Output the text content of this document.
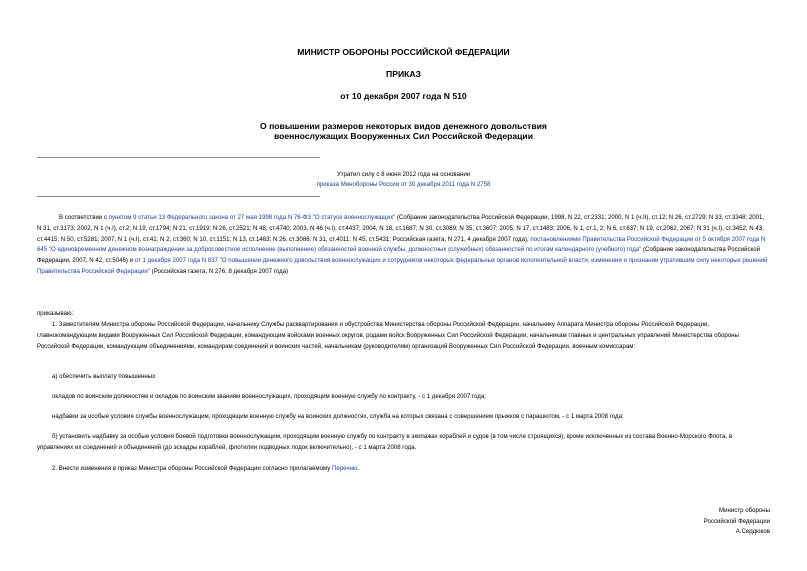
МИНИСТР ОБОРОНЫ РОССИЙСКОЙ ФЕДЕРАЦИИ
ПРИКАЗ
от 10 декабря 2007 года N 510
О повышении размеров некоторых видов денежного довольствия
военнослужащих Вооруженных Сил Российской Федерации
Утратил силу с 8 июня 2012 года на основании
приказа Минобороны России от 30 декабря 2011 года N 2758
В соответствии с пунктом 9 статьи 13 Федерального закона от 27 мая 1998 года N 76-ФЗ "О статусе военнослужащих" (Собрание законодательства Российской Федерации, 1998, N 22, ст.2331; 2000, N 1 (ч.II), ст.12; N 26, ст.2729; N 33, ст.3348; 2001, N 31, ст.3173; 2002, N 1 (ч.I), ст.2; N 19, ст.1794; N 21, ст.1919; N 26, ст.2521; N 48, ст.4740; 2003, N 46 (ч.I), ст.4437; 2004, N 18, ст.1687; N 30, ст.3089; N 35, ст.3607; 2005, N 17, ст.1483; 2006, N 1, ст.1, 2; N 6, ст.637; N 19, ст.2062, 2067; N 31 (ч.I), ст.3452; N 43, ст.4415; N 50, ст.5281; 2007, N 1 (ч.I), ст.41; N 2, ст.360; N 10, ст.1151; N 13, ст.1463; N 26, ст.3086; N 31, ст.4011; N 45, ст.5431; Российская газета, N 271, 4 декабря 2007 года), постановлениями Правительства Российской Федерации от 5 октября 2007 года N 645 "О единовременном денежном вознаграждении за добросовестное исполнение (выполнение) обязанностей военной службы, должностных (служебных) обязанностей по итогам календарного (учебного) года" (Собрание законодательства Российской Федерации, 2007, N 42, ст.5046) и от 1 декабря 2007 года N 837 "О повышении денежного довольствия военнослужащих и сотрудников некоторых федеральных органов исполнительной власти, изменении и признании утратившим силу некоторых решений Правительства Российской Федерации" (Российская газета, N 276, 8 декабря 2007 года)
приказываю:
1. Заместителям Министра обороны Российской Федерации, начальнику Службы расквартирования и обустройства Министерства обороны Российской Федерации, начальнику Аппарата Министра обороны Российской Федерации, главнокомандующим видами Вооруженных Сил Российской Федерации, командующим войсками военных округов, родами войск Вооруженных Сил Российской Федерации, начальникам главных и центральных управлений Министерства обороны Российской Федерации, командующим объединениями, командирам соединений и воинских частей, начальникам (руководителям) организаций Вооруженных Сил Российской Федерации, военным комиссарам:
а) обеспечить выплату повышенных:
окладов по воинским должностям и окладов по воинским званиям военнослужащих, проходящим военную службу по контракту, - с 1 декабря 2007 года;
надбавки за особые условия службы военнослужащим, проходящим военную службу на воинских должностях, служба на которых связана с совершением прыжков с парашютом, - с 1 марта 2008 года;
б) установить надбавку за особые условия боевой подготовки военнослужащим, проходящим военную службу по контракту в экипажах кораблей и судов (в том числе строящихся), кроме исключенных из состава Военно-Морского Флота, в управлениях их соединений и объединений (до эскадры кораблей, флотилии подводных лодок включительно), - с 1 марта 2008 года.
2. Внести изменения в приказ Министра обороны Российской Федерации согласно прилагаемому Перечню.
Министр обороны
Российской Федерации
А.Сердюков
